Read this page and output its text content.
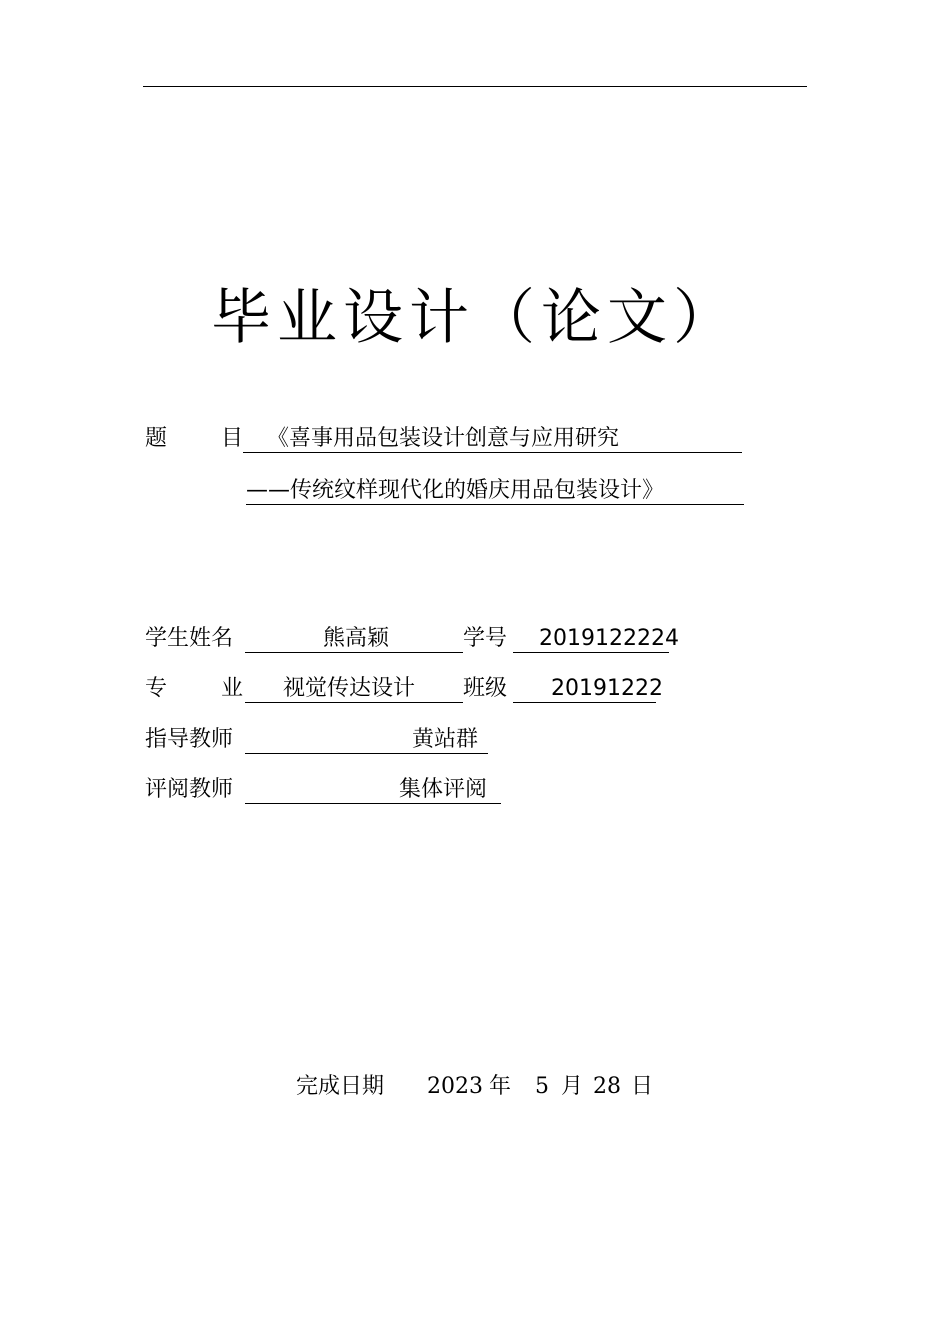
毕业设计（论文）
题 目 《喜事用品包装设计创意与应用研究
——传统纹样现代化的婚庆用品包装设计》
学生姓名	熊高颖	学号 2019122224
专 业 视觉传达设计 班级 20191222
指导教师	黄站群
评阅教师	集体评阅
完成日期 2023 年 5 月 28 日
